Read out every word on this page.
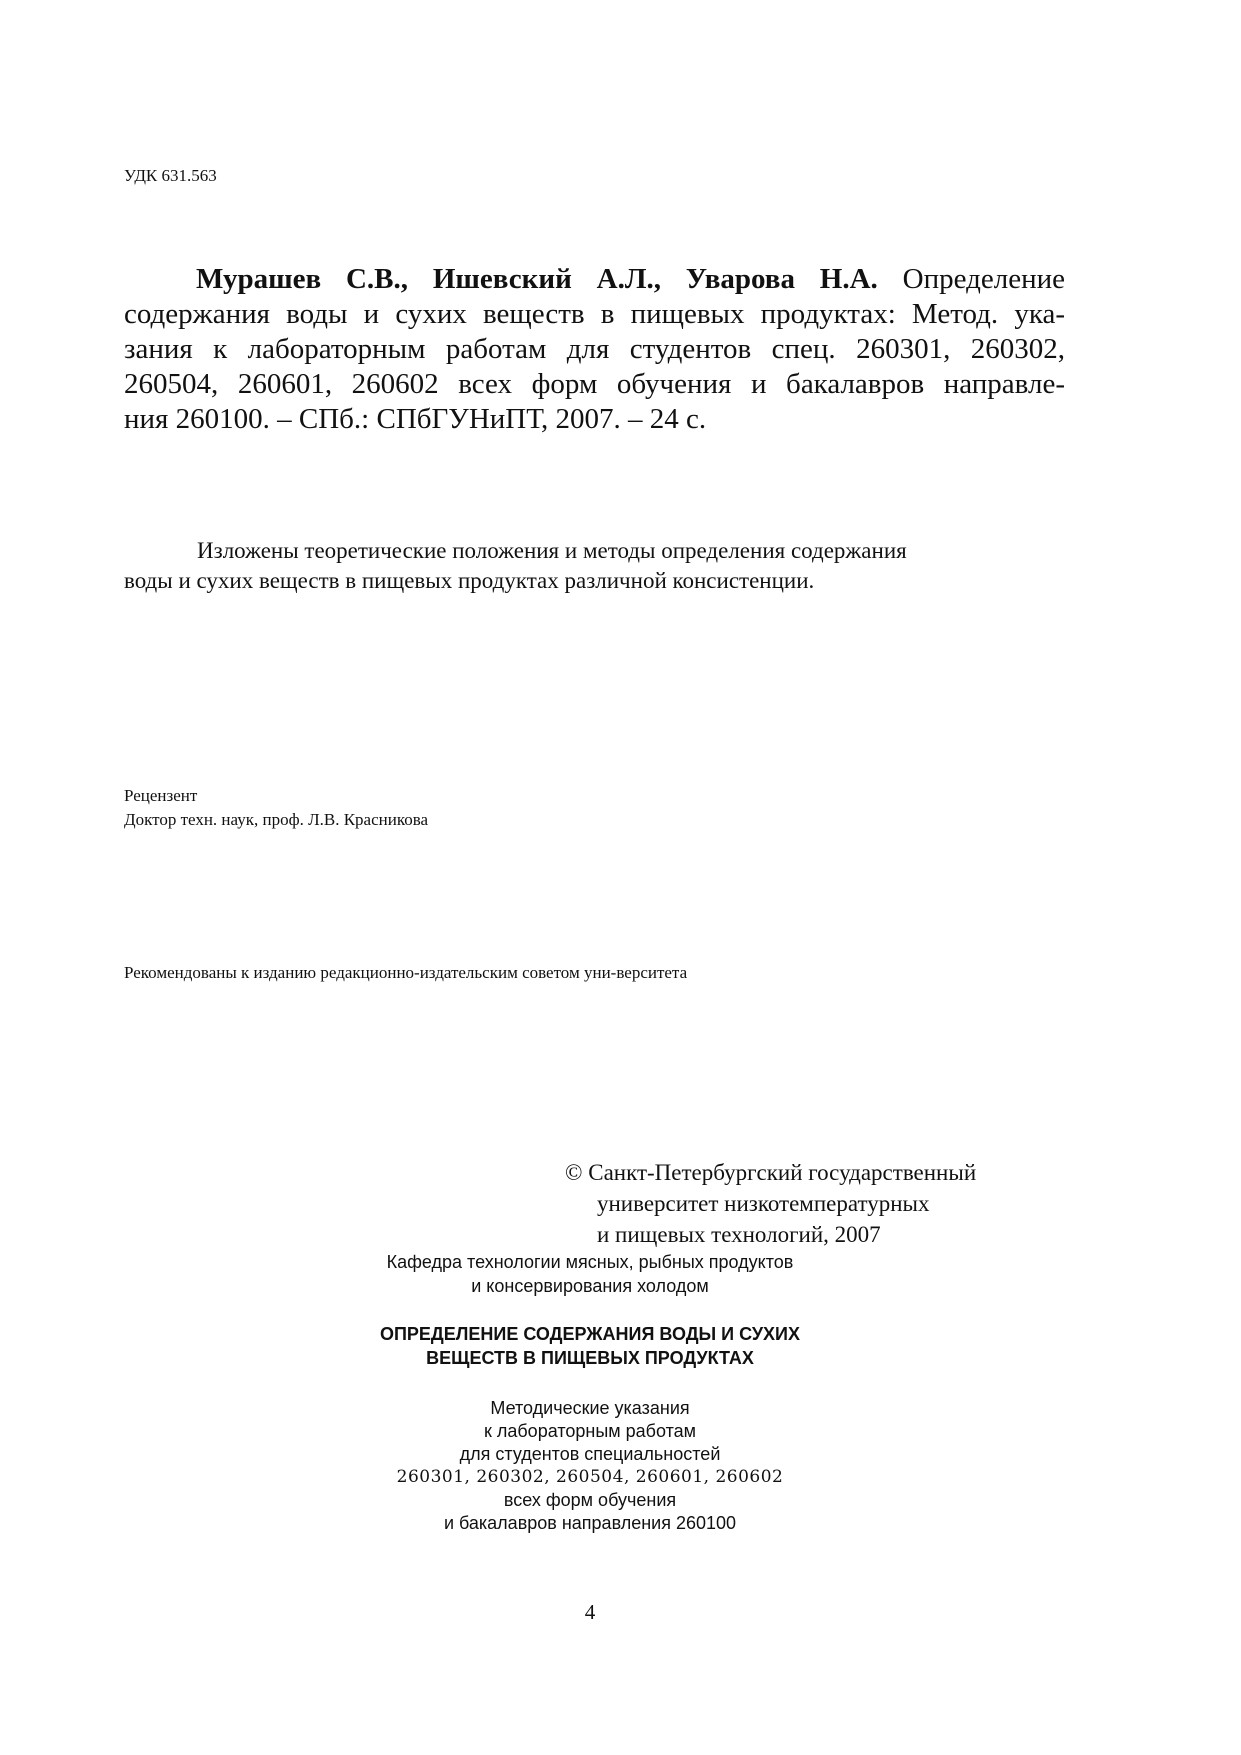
УДК 631.563

Мурашев С.В., Ишевский А.Л., Уварова Н.А. Определение
содержания воды и сухих веществ в пищевых продуктах: Метод. ука-
зания к лабораторным работам для студентов спец. 260301, 260302,
260504, 260601, 260602 всех форм обучения и бакалавров направле-
ния 260100. – СПб.: СПбГУНиПТ, 2007. – 24 с.
Изложены теоретические положения и методы определения содержания
воды и сухих веществ в пищевых продуктах различной консистенции.
Рецензент
Доктор техн. наук, проф. Л.В. Красникова

Рекомендованы к изданию редакционно-издательским советом уни-верситета

© Санкт-Петербургский государственный
университет низкотемпературных
и пищевых технологий, 2007
Кафедра технологии мясных, рыбных продуктов
и консервирования холодом
ОПРЕДЕЛЕНИЕ СОДЕРЖАНИЯ ВОДЫ И СУХИХ
ВЕЩЕСТВ В ПИЩЕВЫХ ПРОДУКТАХ
Методические указания
к лабораторным работам
для студентов специальностей
260301, 260302, 260504, 260601, 260602
всех форм обучения
и бакалавров направления 260100

4
